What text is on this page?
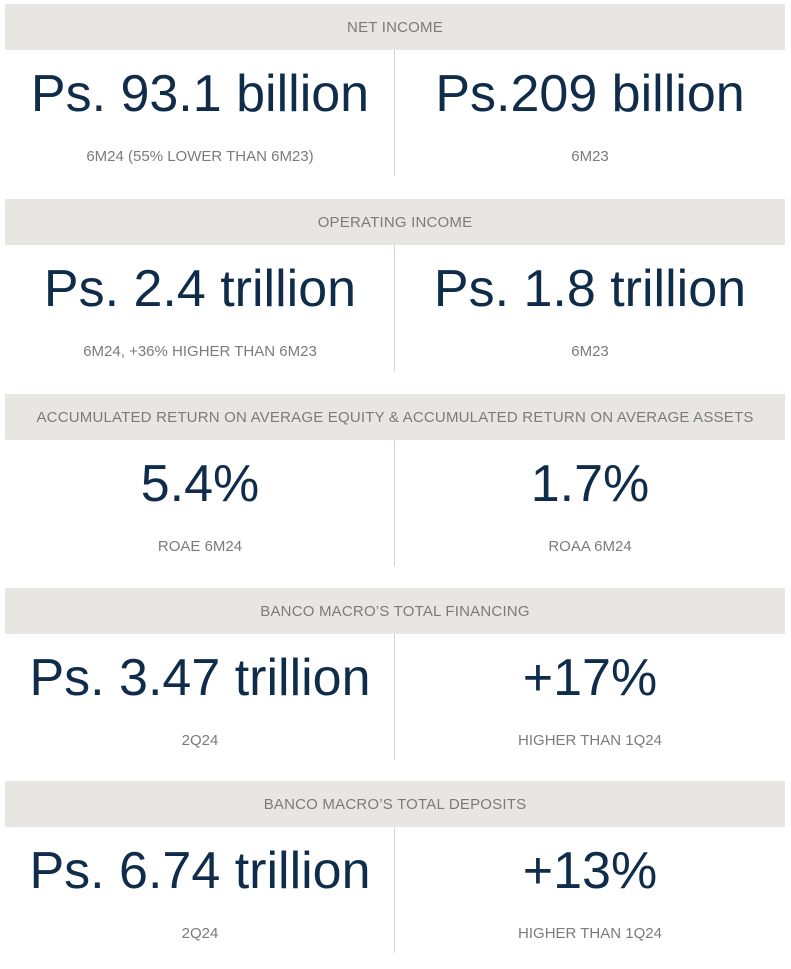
NET INCOME
Ps. 93.1 billion
6M24 (55% LOWER THAN 6M23)
Ps.209 billion
6M23
OPERATING INCOME
Ps. 2.4 trillion
6M24, +36% HIGHER THAN 6M23
Ps. 1.8 trillion
6M23
ACCUMULATED RETURN ON AVERAGE EQUITY & ACCUMULATED RETURN ON AVERAGE ASSETS
5.4%
ROAE 6M24
1.7%
ROAA 6M24
BANCO MACRO’S TOTAL FINANCING
Ps. 3.47 trillion
2Q24
+17%
HIGHER THAN 1Q24
BANCO MACRO’S TOTAL DEPOSITS
Ps. 6.74 trillion
2Q24
+13%
HIGHER THAN 1Q24
